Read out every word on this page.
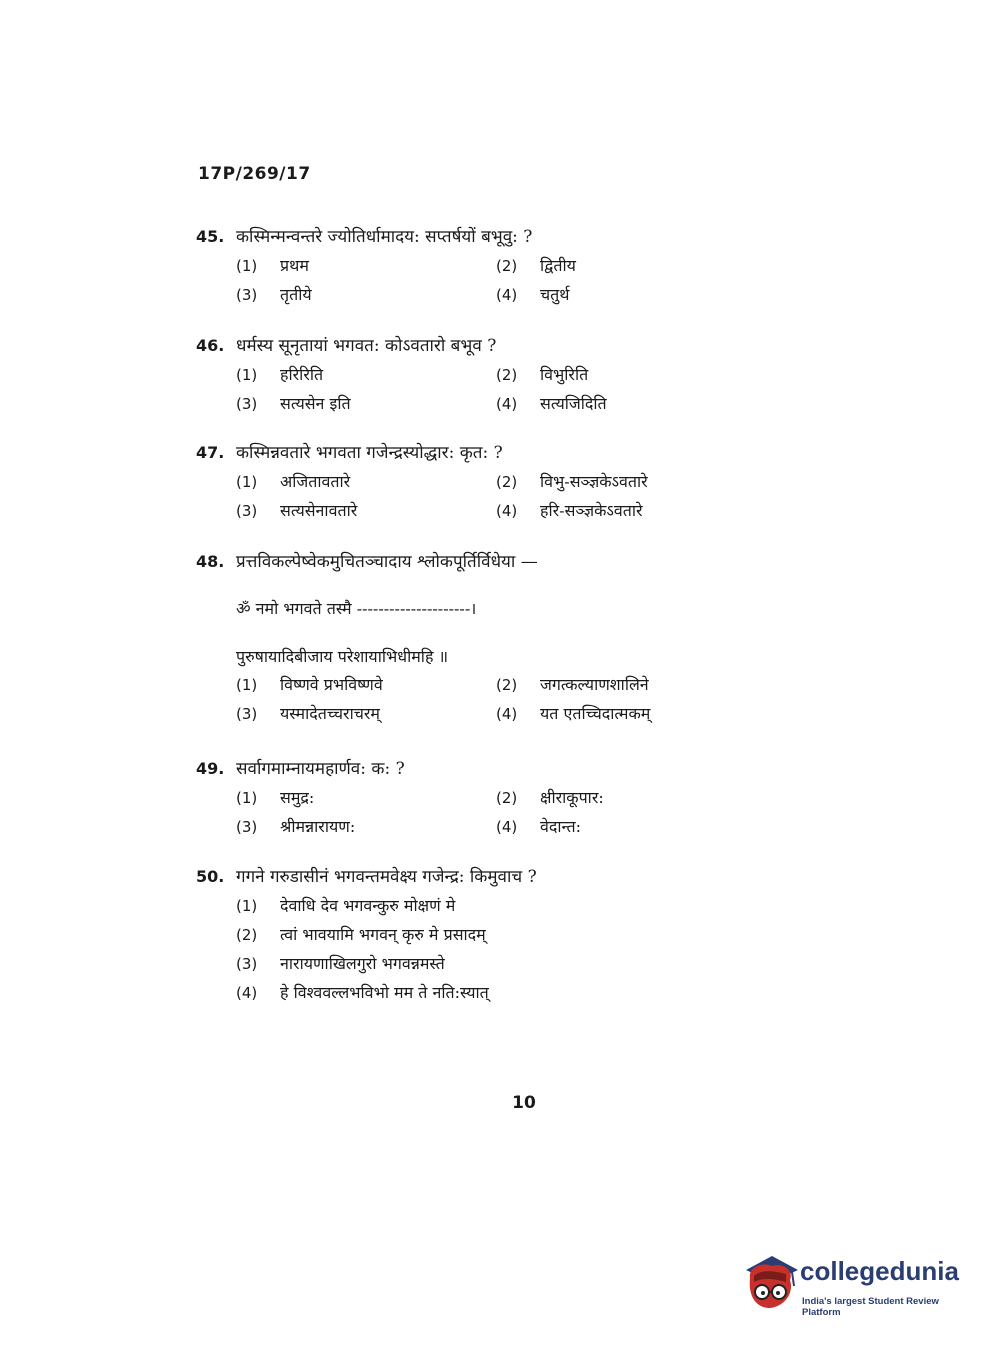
17P/269/17
45. कस्मिन्मन्वन्तरे ज्योतिर्धामादय: सप्तर्षयों बभूवु: ?
(1)	प्रथम	(2)	द्वितीय
(3)	तृतीये	(4)	चतुर्थ
46. धर्मस्य सूनृतायां भगवत: कोऽवतारो बभूव ?
(1)	हरिरिति	(2)	विभुरिति
(3)	सत्यसेन इति	(4)	सत्यजिदिति
47. कस्मिन्नवतारे भगवता गजेन्द्रस्योद्धार: कृत: ?
(1)	अजितावतारे	(2)	विभु-सञ्ज्ञकेऽवतारे
(3)	सत्यसेनावतारे	(4)	हरि-सञ्ज्ञकेऽवतारे
48. प्रत्तविकल्पेष्वेकमुचितञ्चादाय श्लोकपूर्तिर्विधेया —
ॐ नमो भगवते तस्मै ---------------------।
पुरुषायादिबीजाय परेशायाभिधीमहि ॥
(1)	विष्णवे प्रभविष्णवे	(2)	जगत्कल्याणशालिने
(3)	यस्मादेतच्चराचरम्	(4)	यत एतच्चिदात्मकम्
49. सर्वागमाम्नायमहार्णव: क: ?
(1)	समुद्र:	(2)	क्षीराकूपार:
(3)	श्रीमन्नारायण:	(4)	वेदान्त:
50. गगने गरुडासीनं भगवन्तमवेक्ष्य गजेन्द्र: किमुवाच ?
(1)	देवाधि देव भगवन्कुरु मोक्षणं मे
(2)	त्वां भावयामि भगवन् कृरु मे प्रसादम्
(3)	नारायणाखिलगुरो भगवन्नमस्ते
(4)	हे विश्ववल्लभविभो मम ते नति:स्यात्
10
collegedunia
India's largest Student Review Platform
